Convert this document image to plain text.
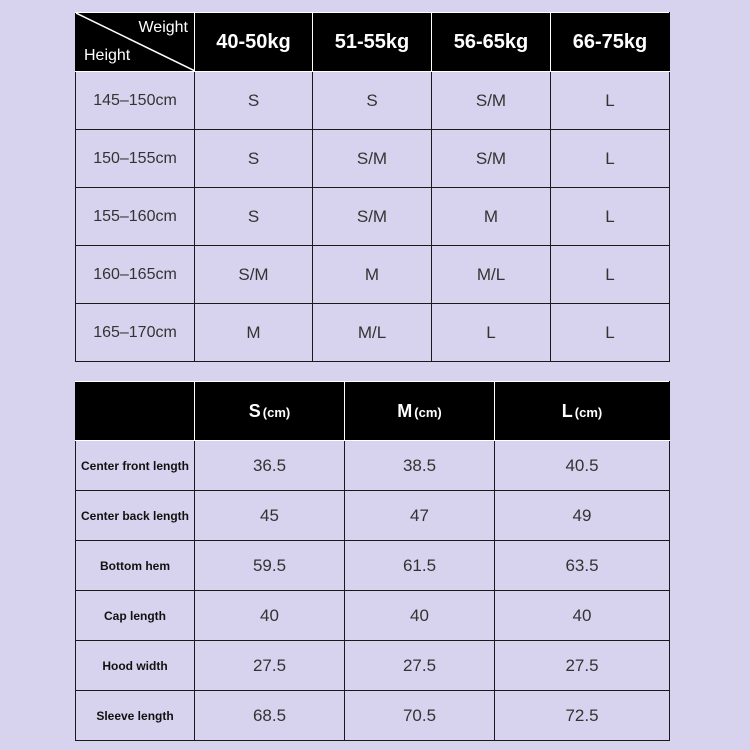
Weight
Height	40-50kg	51-55kg	56-65kg	66-75kg
145–150cm	S	S	S/M	L
150–155cm	S	S/M	S/M	L
155–160cm	S	S/M	M	L
160–165cm	S/M	M	M/L	L
165–170cm	M	M/L	L	L
	S (cm)	M (cm)	L (cm)
Center front length	36.5	38.5	40.5
Center back length	45	47	49
Bottom hem	59.5	61.5	63.5
Cap length	40	40	40
Hood width	27.5	27.5	27.5
Sleeve length	68.5	70.5	72.5
